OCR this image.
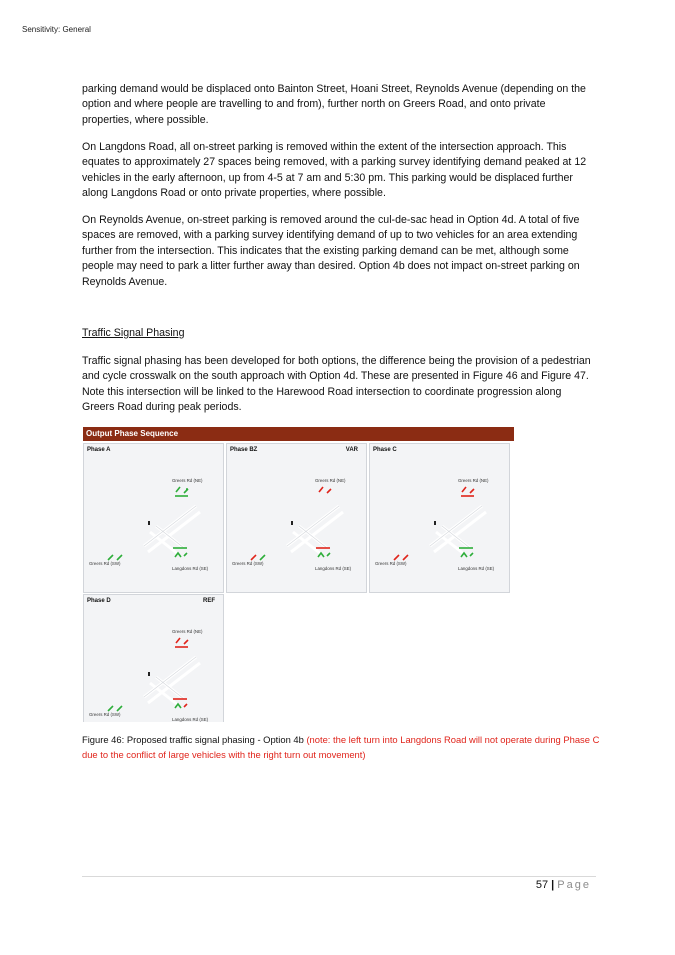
Sensitivity: General

parking demand would be displaced onto Bainton Street, Hoani Street, Reynolds Avenue (depending on the option and where people are travelling to and from), further north on Greers Road, and onto private properties, where possible.

On Langdons Road, all on-street parking is removed within the extent of the intersection approach. This equates to approximately 27 spaces being removed, with a parking survey identifying demand peaked at 12 vehicles in the early afternoon, up from 4-5 at 7 am and 5:30 pm. This parking would be displaced further along Langdons Road or onto private properties, where possible.

On Reynolds Avenue, on-street parking is removed around the cul-de-sac head in Option 4d. A total of five spaces are removed, with a parking survey identifying demand of up to two vehicles for an area extending further from the intersection. This indicates that the existing parking demand can be met, although some people may need to park a litter further away than desired. Option 4b does not impact on-street parking on Reynolds Avenue.

Traffic Signal Phasing

Traffic signal phasing has been developed for both options, the difference being the provision of a pedestrian and cycle crosswalk on the south approach with Option 4d. These are presented in Figure 46 and Figure 47. Note this intersection will be linked to the Harewood Road intersection to coordinate progression along Greers Road during peak periods.

Output Phase Sequence
Phase A
Greers Rd (NE)
Greers Rd (SW)
Langdons Rd (SE)
Phase BZ	VAR
Greers Rd (NE)
Greers Rd (SW)
Langdons Rd (SE)
Phase C
Greers Rd (NE)
Greers Rd (SW)
Langdons Rd (SE)
Phase D	REF
Greers Rd (NE)
Greers Rd (SW)
Langdons Rd (SE)

Figure 46: Proposed traffic signal phasing - Option 4b (note: the left turn into Langdons Road will not operate during Phase C due to the conflict of large vehicles with the right turn out movement)

57 | Page
